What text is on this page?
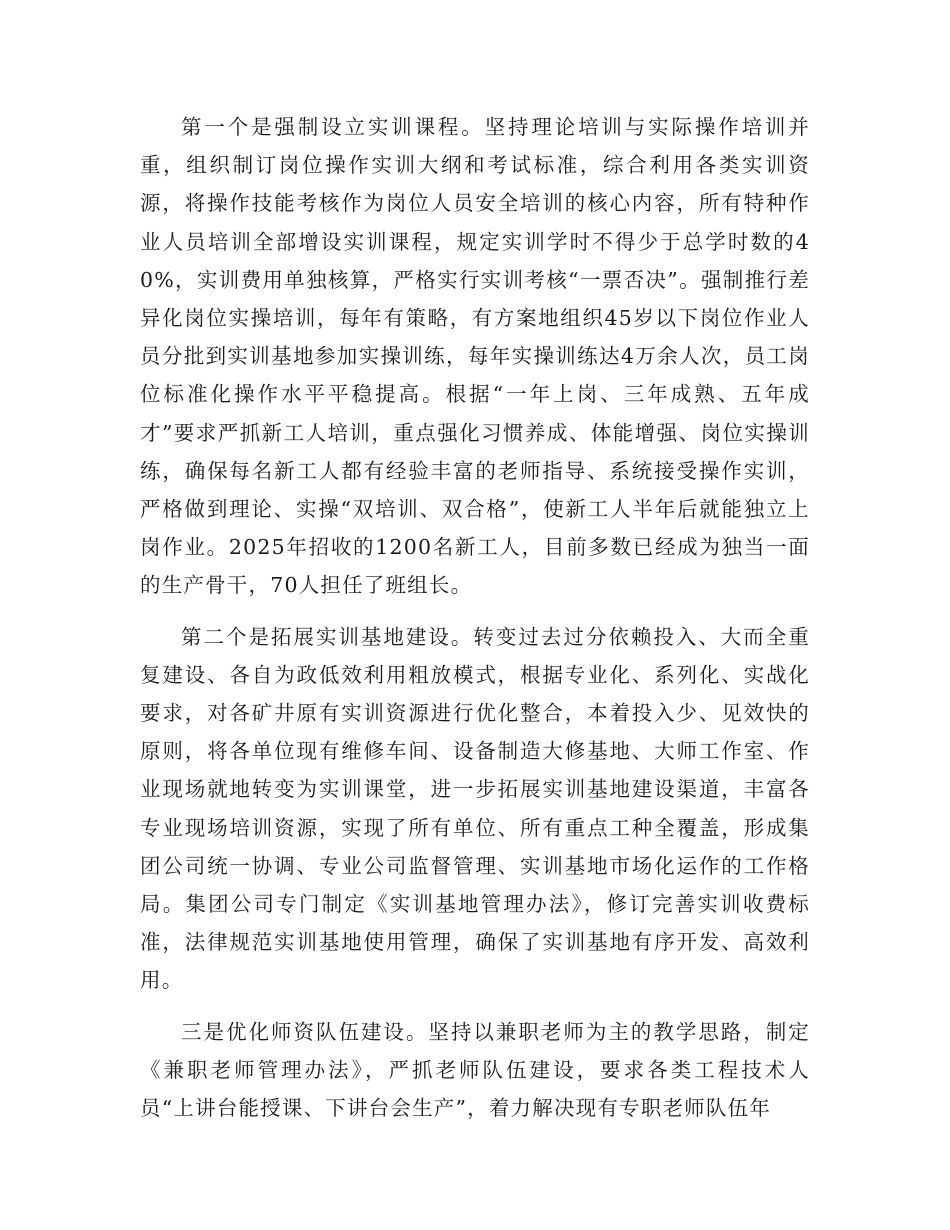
第一个是强制设立实训课程。坚持理论培训与实际操作培训并重，组织制订岗位操作实训大纲和考试标准，综合利用各类实训资源，将操作技能考核作为岗位人员安全培训的核心内容，所有特种作业人员培训全部增设实训课程，规定实训学时不得少于总学时数的40%，实训费用单独核算，严格实行实训考核“一票否决”。强制推行差异化岗位实操培训，每年有策略，有方案地组织45岁以下岗位作业人员分批到实训基地参加实操训练，每年实操训练达4万余人次，员工岗位标准化操作水平平稳提高。根据“一年上岗、三年成熟、五年成才”要求严抓新工人培训，重点强化习惯养成、体能增强、岗位实操训练，确保每名新工人都有经验丰富的老师指导、系统接受操作实训，严格做到理论、实操“双培训、双合格”，使新工人半年后就能独立上岗作业。2025年招收的1200名新工人，目前多数已经成为独当一面的生产骨干，70人担任了班组长。

第二个是拓展实训基地建设。转变过去过分依赖投入、大而全重复建设、各自为政低效利用粗放模式，根据专业化、系列化、实战化要求，对各矿井原有实训资源进行优化整合，本着投入少、见效快的原则，将各单位现有维修车间、设备制造大修基地、大师工作室、作业现场就地转变为实训课堂，进一步拓展实训基地建设渠道，丰富各专业现场培训资源，实现了所有单位、所有重点工种全覆盖，形成集团公司统一协调、专业公司监督管理、实训基地市场化运作的工作格局。集团公司专门制定《实训基地管理办法》，修订完善实训收费标准，法律规范实训基地使用管理，确保了实训基地有序开发、高效利用。

三是优化师资队伍建设。坚持以兼职老师为主的教学思路，制定《兼职老师管理办法》，严抓老师队伍建设，要求各类工程技术人员“上讲台能授课、下讲台会生产”，着力解决现有专职老师队伍年
